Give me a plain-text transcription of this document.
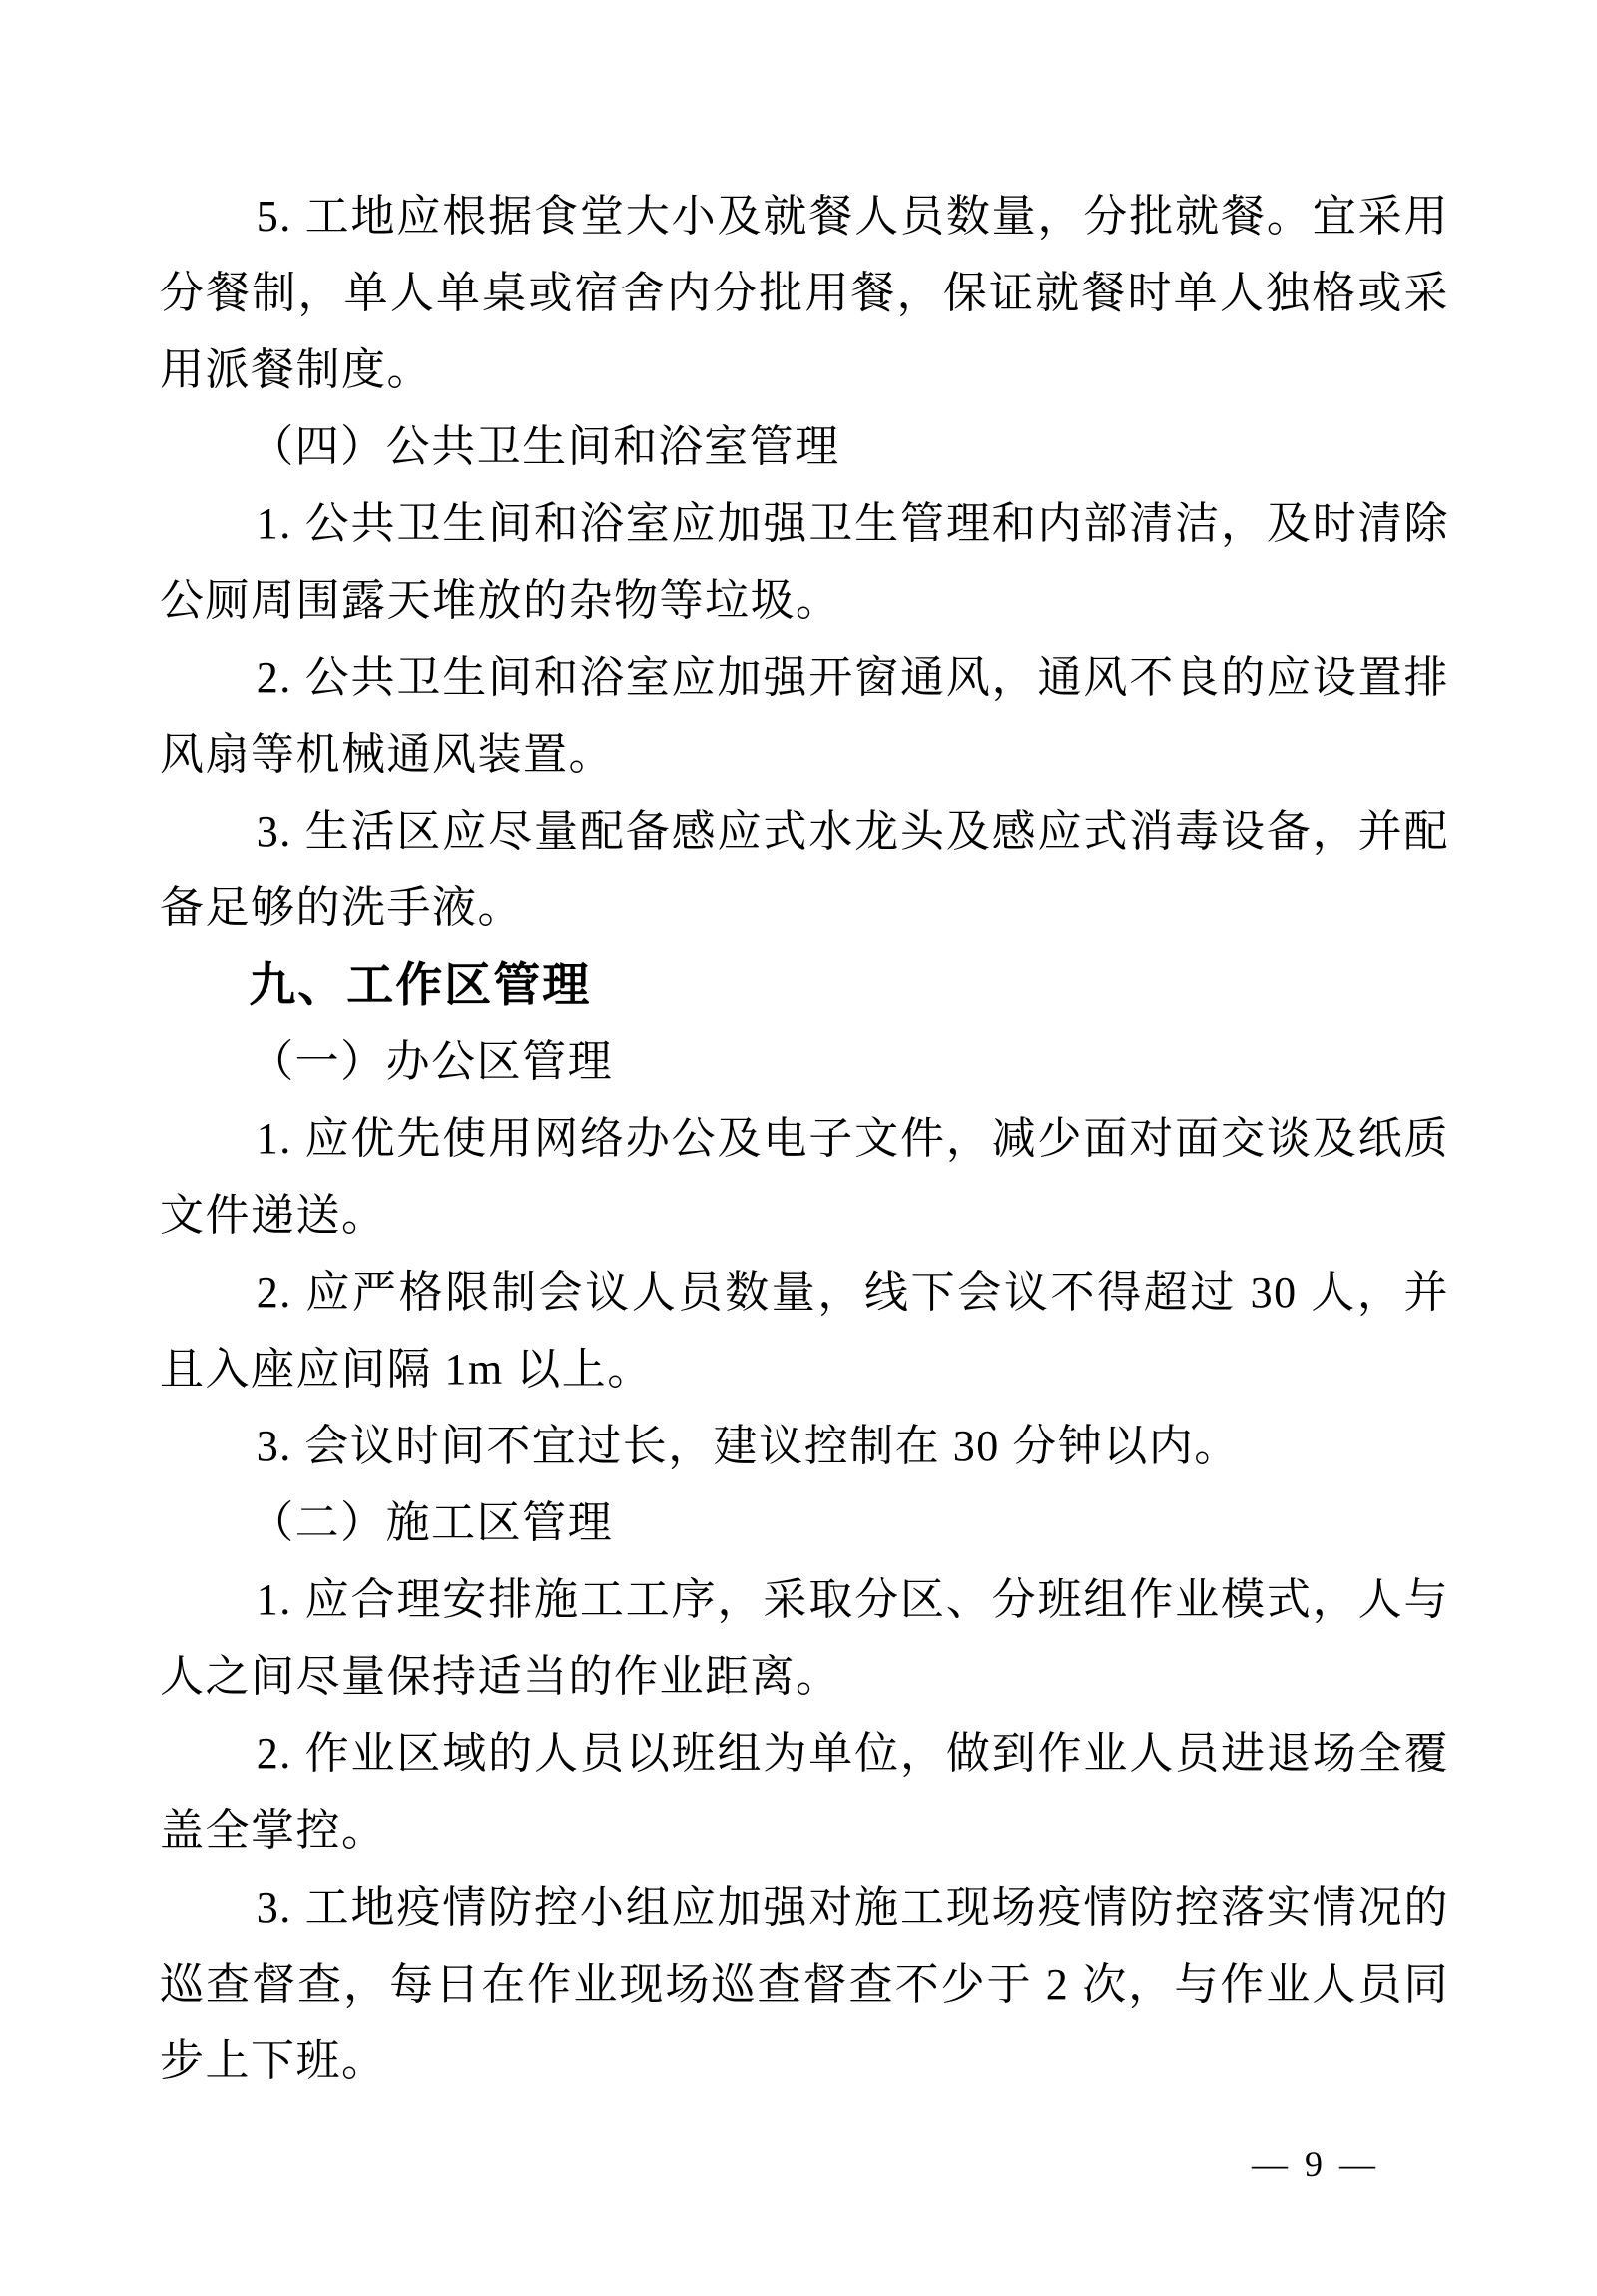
5. 工地应根据食堂大小及就餐人员数量，分批就餐。宜采用分餐制，单人单桌或宿舍内分批用餐，保证就餐时单人独格或采用派餐制度。

（四）公共卫生间和浴室管理

1. 公共卫生间和浴室应加强卫生管理和内部清洁，及时清除公厕周围露天堆放的杂物等垃圾。

2. 公共卫生间和浴室应加强开窗通风，通风不良的应设置排风扇等机械通风装置。

3. 生活区应尽量配备感应式水龙头及感应式消毒设备，并配备足够的洗手液。

九、工作区管理

（一）办公区管理

1. 应优先使用网络办公及电子文件，减少面对面交谈及纸质文件递送。

2. 应严格限制会议人员数量，线下会议不得超过 30 人，并且入座应间隔 1m 以上。

3. 会议时间不宜过长，建议控制在 30 分钟以内。

（二）施工区管理

1. 应合理安排施工工序，采取分区、分班组作业模式，人与人之间尽量保持适当的作业距离。

2. 作业区域的人员以班组为单位，做到作业人员进退场全覆盖全掌控。

3. 工地疫情防控小组应加强对施工现场疫情防控落实情况的巡查督查，每日在作业现场巡查督查不少于 2 次，与作业人员同步上下班。

— 9 —
